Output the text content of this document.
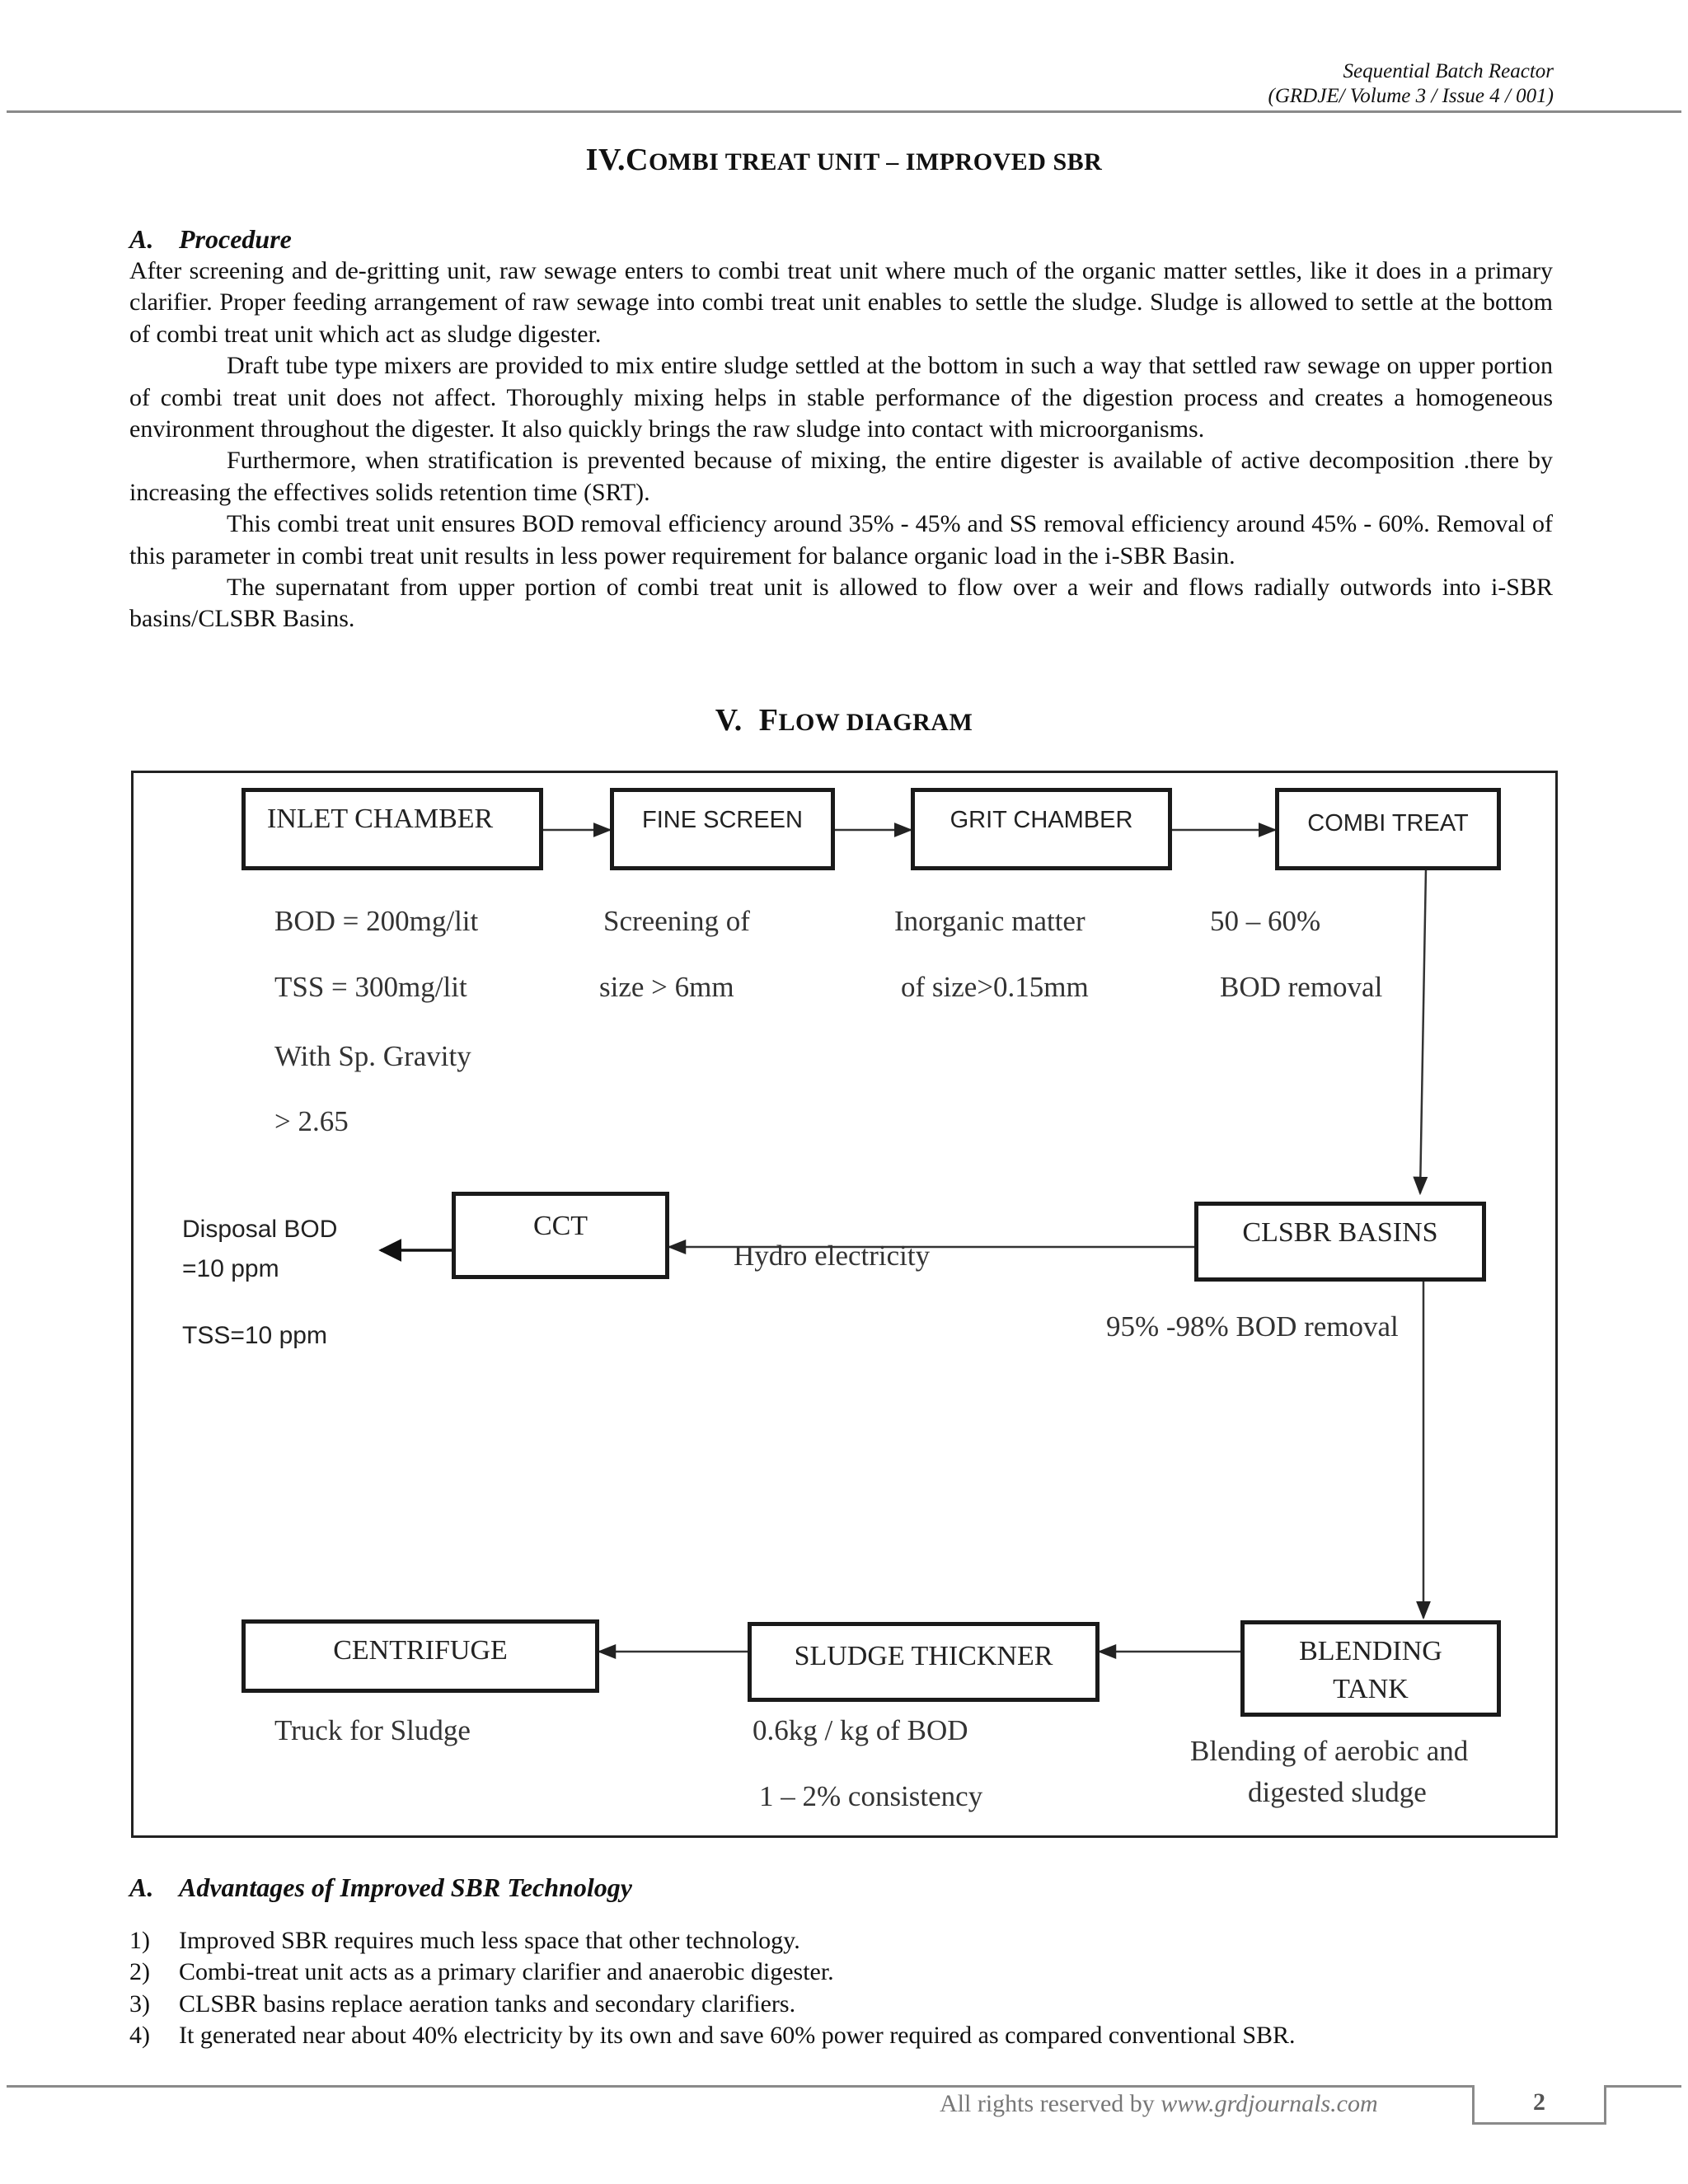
Sequential Batch Reactor
(GRDJE/ Volume 3 / Issue 4 / 001)
IV.COMBI TREAT UNIT – IMPROVED SBR
A. Procedure

After screening and de-gritting unit, raw sewage enters to combi treat unit where much of the organic matter settles, like it does in a primary clarifier. Proper feeding arrangement of raw sewage into combi treat unit enables to settle the sludge. Sludge is allowed to settle at the bottom of combi treat unit which act as sludge digester.

Draft tube type mixers are provided to mix entire sludge settled at the bottom in such a way that settled raw sewage on upper portion of combi treat unit does not affect. Thoroughly mixing helps in stable performance of the digestion process and creates a homogeneous environment throughout the digester. It also quickly brings the raw sludge into contact with microorganisms.

Furthermore, when stratification is prevented because of mixing, the entire digester is available of active decomposition .there by increasing the effectives solids retention time (SRT).

This combi treat unit ensures BOD removal efficiency around 35% - 45% and SS removal efficiency around 45% - 60%. Removal of this parameter in combi treat unit results in less power requirement for balance organic load in the i-SBR Basin.

The supernatant from upper portion of combi treat unit is allowed to flow over a weir and flows radially outwords into i-SBR basins/CLSBR Basins.

V. FLOW DIAGRAM
INLET CHAMBER	FINE SCREEN	GRIT CHAMBER	COMBI TREAT
BOD = 200mg/lit
TSS = 300mg/lit
With Sp. Gravity
> 2.65
Screening of
size > 6mm
Inorganic matter
of size>0.15mm
50 – 60%
BOD removal
CCT	CLSBR BASINS
Hydro electricity
95% -98% BOD removal
Disposal BOD
=10 ppm
TSS=10 ppm
CENTRIFUGE	SLUDGE THICKNER	BLENDING
TANK
Truck for Sludge	0.6kg / kg of BOD
1 – 2% consistency
Blending of aerobic and
digested sludge
A. Advantages of Improved SBR Technology
1) Improved SBR requires much less space that other technology.
2) Combi-treat unit acts as a primary clarifier and anaerobic digester.
3) CLSBR basins replace aeration tanks and secondary clarifiers.
4) It generated near about 40% electricity by its own and save 60% power required as compared conventional SBR.
All rights reserved by www.grdjournals.com	2
